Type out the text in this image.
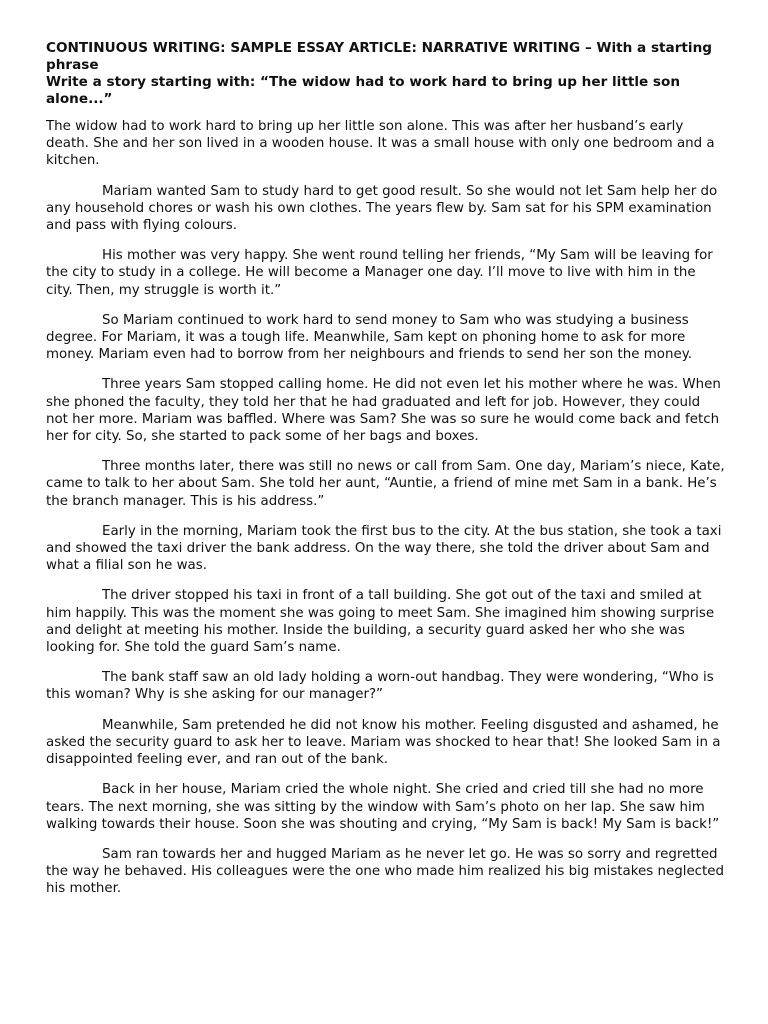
CONTINUOUS WRITING: SAMPLE ESSAY ARTICLE: NARRATIVE WRITING – With a starting phrase

Write a story starting with: “The widow had to work hard to bring up her little son alone...”

The widow had to work hard to bring up her little son alone. This was after her husband’s early death. She and her son lived in a wooden house. It was a small house with only one bedroom and a kitchen.

Mariam wanted Sam to study hard to get good result. So she would not let Sam help her do any household chores or wash his own clothes. The years flew by. Sam sat for his SPM examination and pass with flying colours.

His mother was very happy. She went round telling her friends, “My Sam will be leaving for the city to study in a college. He will become a Manager one day. I’ll move to live with him in the city. Then, my struggle is worth it.”

So Mariam continued to work hard to send money to Sam who was studying a business degree. For Mariam, it was a tough life. Meanwhile, Sam kept on phoning home to ask for more money. Mariam even had to borrow from her neighbours and friends to send her son the money.

Three years Sam stopped calling home. He did not even let his mother where he was. When she phoned the faculty, they told her that he had graduated and left for job. However, they could not her more. Mariam was baffled. Where was Sam? She was so sure he would come back and fetch her for city. So, she started to pack some of her bags and boxes.

Three months later, there was still no news or call from Sam. One day, Mariam’s niece, Kate, came to talk to her about Sam. She told her aunt, “Auntie, a friend of mine met Sam in a bank. He’s the branch manager. This is his address.”

Early in the morning, Mariam took the first bus to the city. At the bus station, she took a taxi and showed the taxi driver the bank address. On the way there, she told the driver about Sam and what a filial son he was.

The driver stopped his taxi in front of a tall building. She got out of the taxi and smiled at him happily. This was the moment she was going to meet Sam. She imagined him showing surprise and delight at meeting his mother. Inside the building, a security guard asked her who she was looking for. She told the guard Sam’s name.

The bank staff saw an old lady holding a worn-out handbag. They were wondering, “Who is this woman? Why is she asking for our manager?”

Meanwhile, Sam pretended he did not know his mother. Feeling disgusted and ashamed, he asked the security guard to ask her to leave. Mariam was shocked to hear that! She looked Sam in a disappointed feeling ever, and ran out of the bank.

Back in her house, Mariam cried the whole night. She cried and cried till she had no more tears. The next morning, she was sitting by the window with Sam’s photo on her lap. She saw him walking towards their house. Soon she was shouting and crying, “My Sam is back! My Sam is back!”

Sam ran towards her and hugged Mariam as he never let go. He was so sorry and regretted the way he behaved. His colleagues were the one who made him realized his big mistakes neglected his mother.
